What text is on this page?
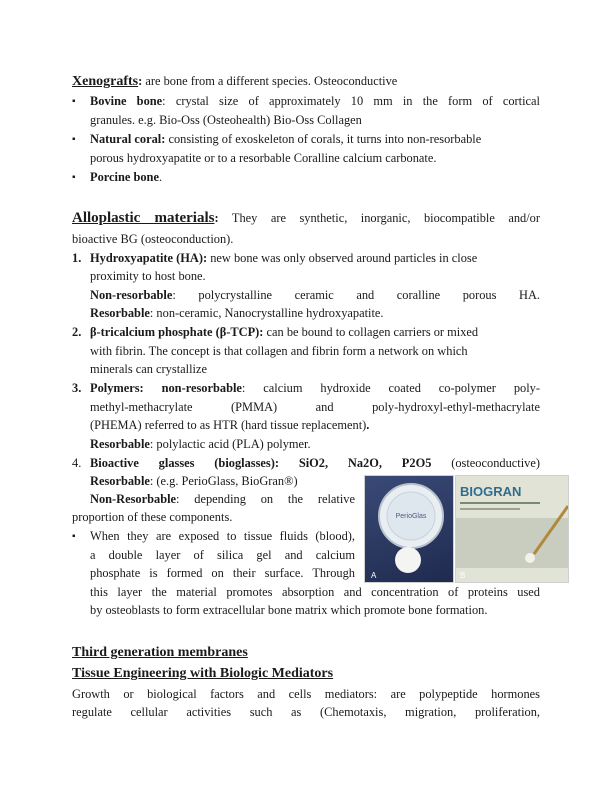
Xenografts: are bone from a different species. Osteoconductive
▪ Bovine bone: crystal size of approximately 10 mm in the form of cortical
granules. e.g. Bio-Oss (Osteohealth) Bio-Oss Collagen
▪ Natural coral: consisting of exoskeleton of corals, it turns into non-resorbable
porous hydroxyapatite or to a resorbable Coralline calcium carbonate.
▪ Porcine bone.
Alloplastic materials: They are synthetic, inorganic, biocompatible and/or
bioactive BG (osteoconduction).
1. Hydroxyapatite (HA): new bone was only observed around particles in close
proximity to host bone.
Non-resorbable: polycrystalline ceramic and coralline porous HA.
Resorbable: non-ceramic, Nanocrystalline hydroxyapatite.
2. β-tricalcium phosphate (β-TCP): can be bound to collagen carriers or mixed
with fibrin. The concept is that collagen and fibrin form a network on which
minerals can crystallize
3. Polymers: non-resorbable: calcium hydroxide coated co-polymer poly-
methyl-methacrylate (PMMA) and poly-hydroxyl-ethyl-methacrylate
(PHEMA) referred to as HTR (hard tissue replacement).
Resorbable: polylactic acid (PLA) polymer.
4. Bioactive glasses (bioglasses): SiO2, Na2O, P2O5 (osteoconductive)
Resorbable: (e.g. PerioGlass, BioGran®)
Non-Resorbable: depending on the relative
proportion of these components.
▪ When they are exposed to tissue fluids (blood),
a double layer of silica gel and calcium
phosphate is formed on their surface. Through
this layer the material promotes absorption and concentration of proteins used
by osteoblasts to form extracellular bone matrix which promote bone formation.
PerioGlas
A
BIOGRAN
B
Third generation membranes
Tissue Engineering with Biologic Mediators
Growth or biological factors and cells mediators: are polypeptide hormones
regulate cellular activities such as (Chemotaxis, migration, proliferation,
